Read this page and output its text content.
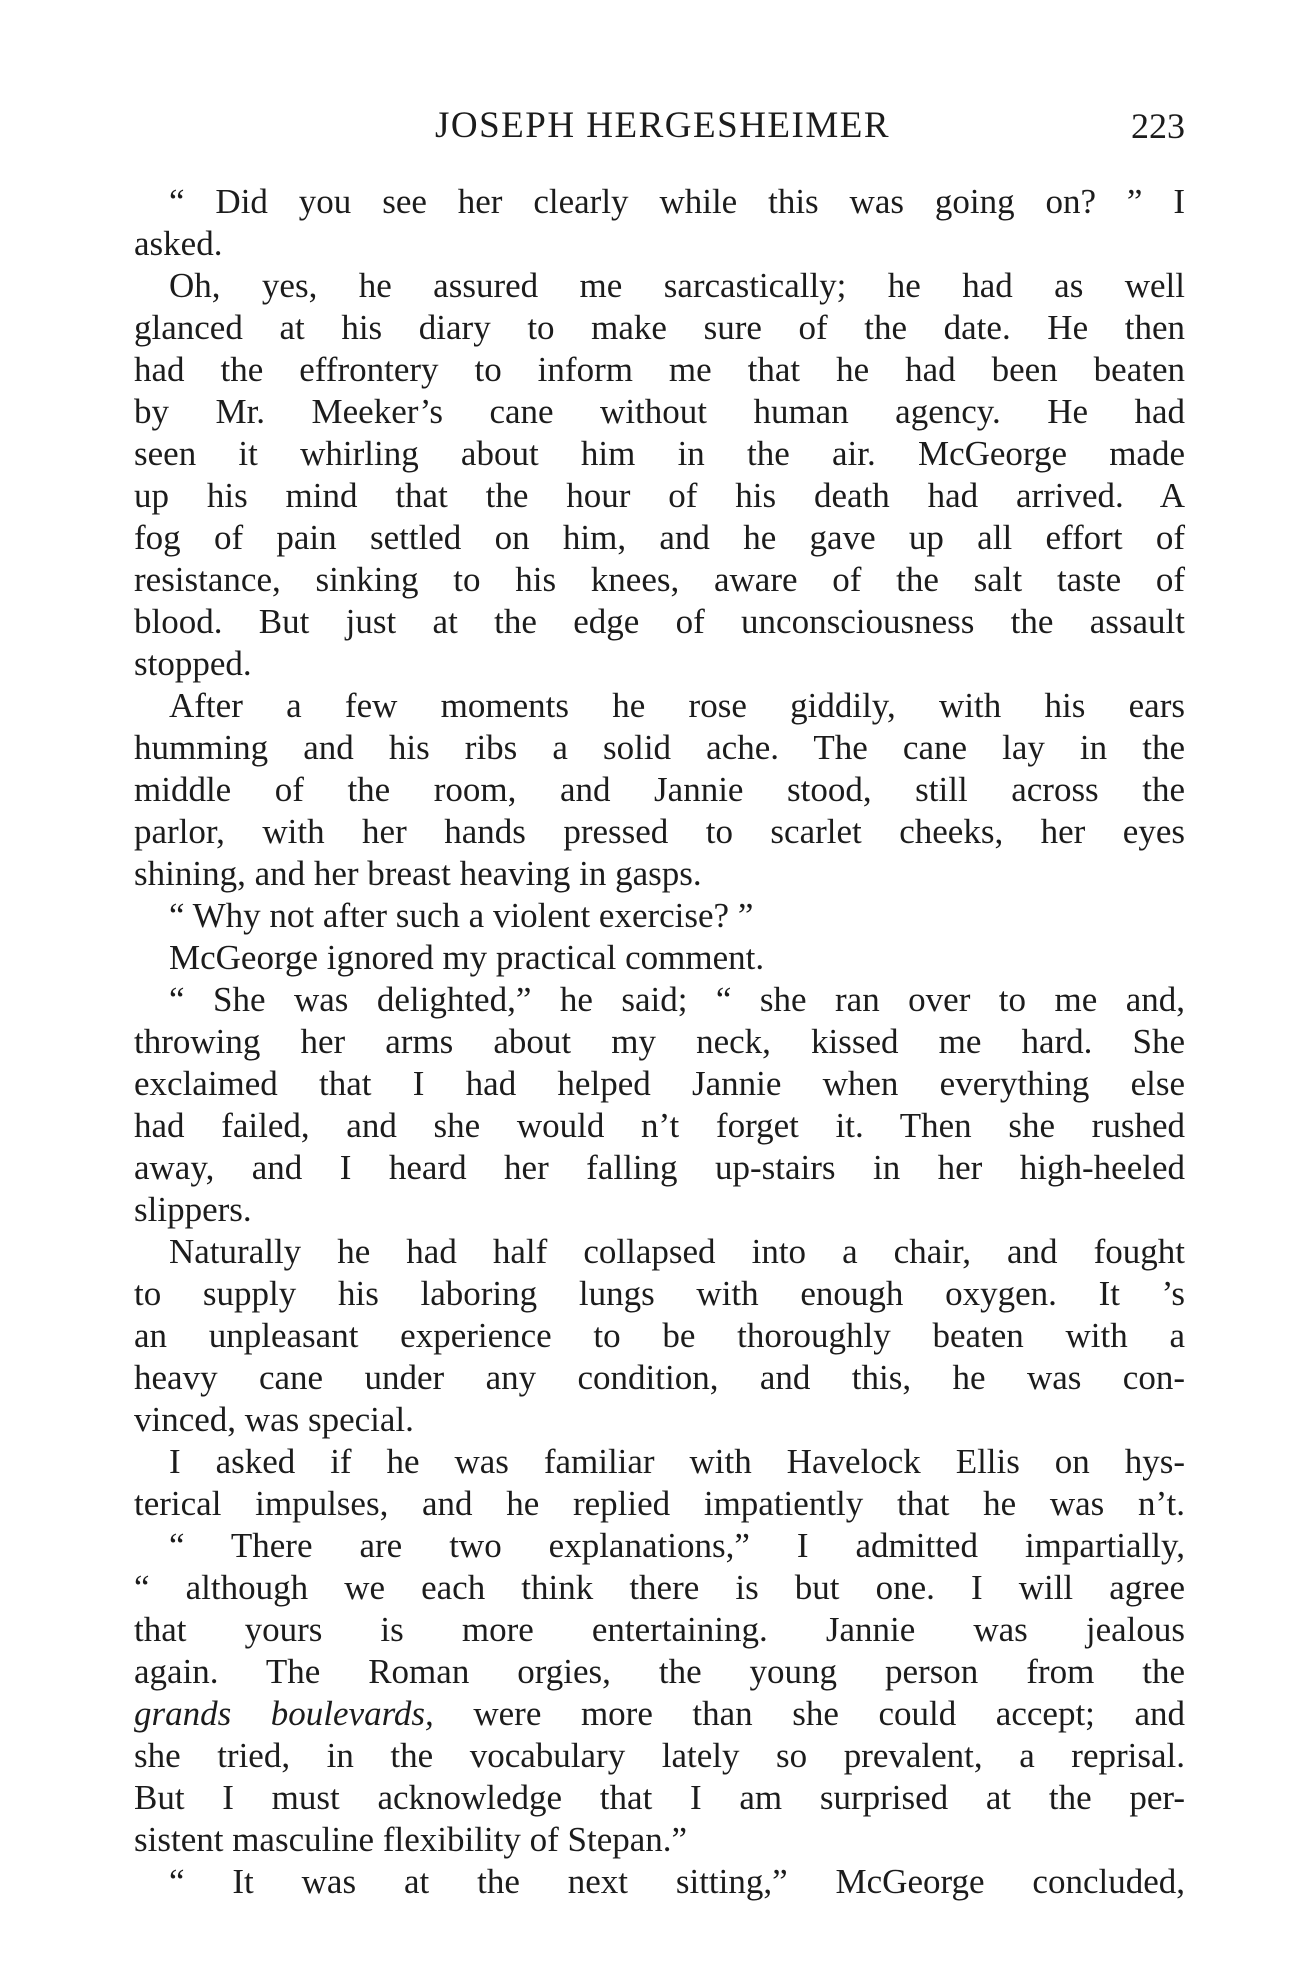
JOSEPH HERGESHEIMER	223
“ Did you see her clearly while this was going on? ” I
asked.
Oh, yes, he assured me sarcastically; he had as well
glanced at his diary to make sure of the date. He then
had the effrontery to inform me that he had been beaten
by Mr. Meeker’s cane without human agency. He had
seen it whirling about him in the air. McGeorge made
up his mind that the hour of his death had arrived. A
fog of pain settled on him, and he gave up all effort of
resistance, sinking to his knees, aware of the salt taste of
blood. But just at the edge of unconsciousness the assault
stopped.
After a few moments he rose giddily, with his ears
humming and his ribs a solid ache. The cane lay in the
middle of the room, and Jannie stood, still across the
parlor, with her hands pressed to scarlet cheeks, her eyes
shining, and her breast heaving in gasps.
“ Why not after such a violent exercise? ”
McGeorge ignored my practical comment.
“ She was delighted,” he said; “ she ran over to me and,
throwing her arms about my neck, kissed me hard. She
exclaimed that I had helped Jannie when everything else
had failed, and she would n’t forget it. Then she rushed
away, and I heard her falling up-stairs in her high-heeled
slippers.
Naturally he had half collapsed into a chair, and fought
to supply his laboring lungs with enough oxygen. It ’s
an unpleasant experience to be thoroughly beaten with a
heavy cane under any condition, and this, he was con-
vinced, was special.
I asked if he was familiar with Havelock Ellis on hys-
terical impulses, and he replied impatiently that he was n’t.
“ There are two explanations,” I admitted impartially,
“ although we each think there is but one. I will agree
that yours is more entertaining. Jannie was jealous
again. The Roman orgies, the young person from the
grands boulevards, were more than she could accept; and
she tried, in the vocabulary lately so prevalent, a reprisal.
But I must acknowledge that I am surprised at the per-
sistent masculine flexibility of Stepan.”
“ It was at the next sitting,” McGeorge concluded,
